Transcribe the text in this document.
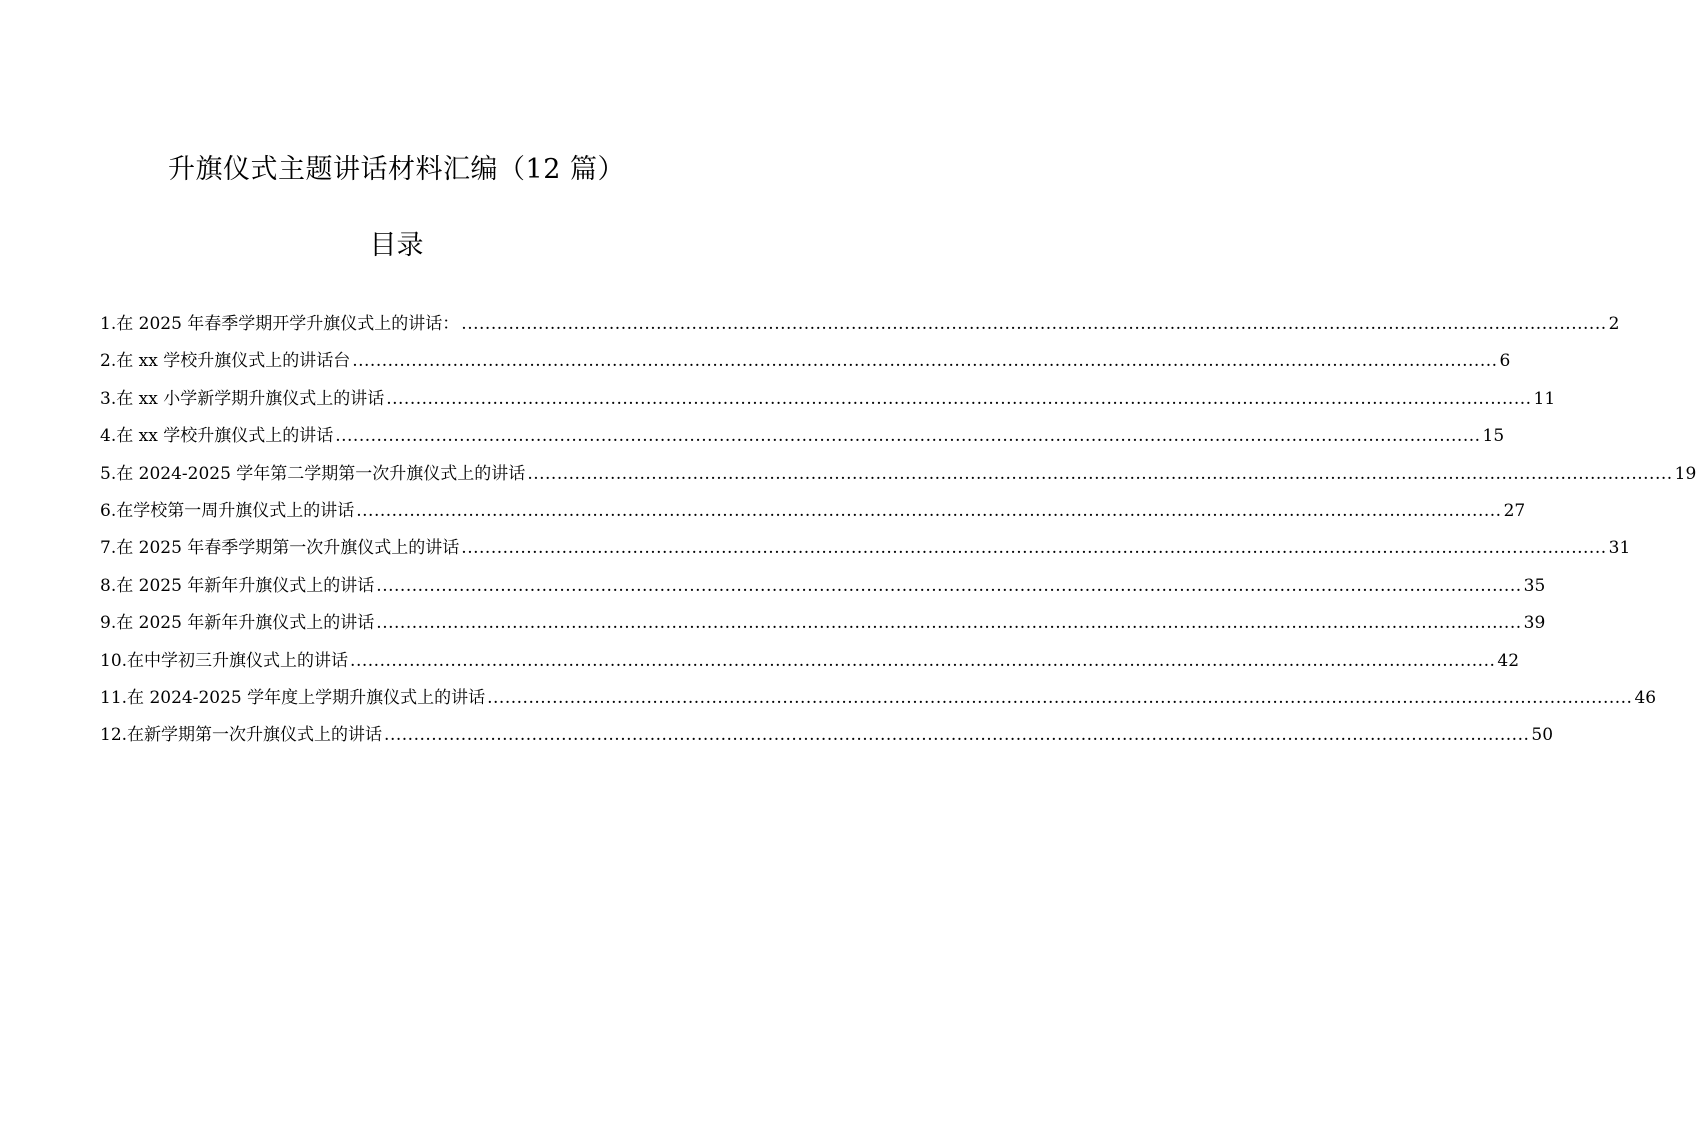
升旗仪式主题讲话材料汇编（12 篇）
目录
1.在 2025 年春季学期开学升旗仪式上的讲话： .....	2
2.在 xx 学校升旗仪式上的讲话台 .....	6
3.在 xx 小学新学期升旗仪式上的讲话 .....	11
4.在 xx 学校升旗仪式上的讲话 .....	15
5.在 2024-2025 学年第二学期第一次升旗仪式上的讲话 .....	19
6.在学校第一周升旗仪式上的讲话 .....	27
7.在 2025 年春季学期第一次升旗仪式上的讲话 .....	31
8.在 2025 年新年升旗仪式上的讲话 .....	35
9.在 2025 年新年升旗仪式上的讲话 .....	39
10.在中学初三升旗仪式上的讲话 .....	42
11.在 2024-2025 学年度上学期升旗仪式上的讲话 .....	46
12.在新学期第一次升旗仪式上的讲话 .....	50
